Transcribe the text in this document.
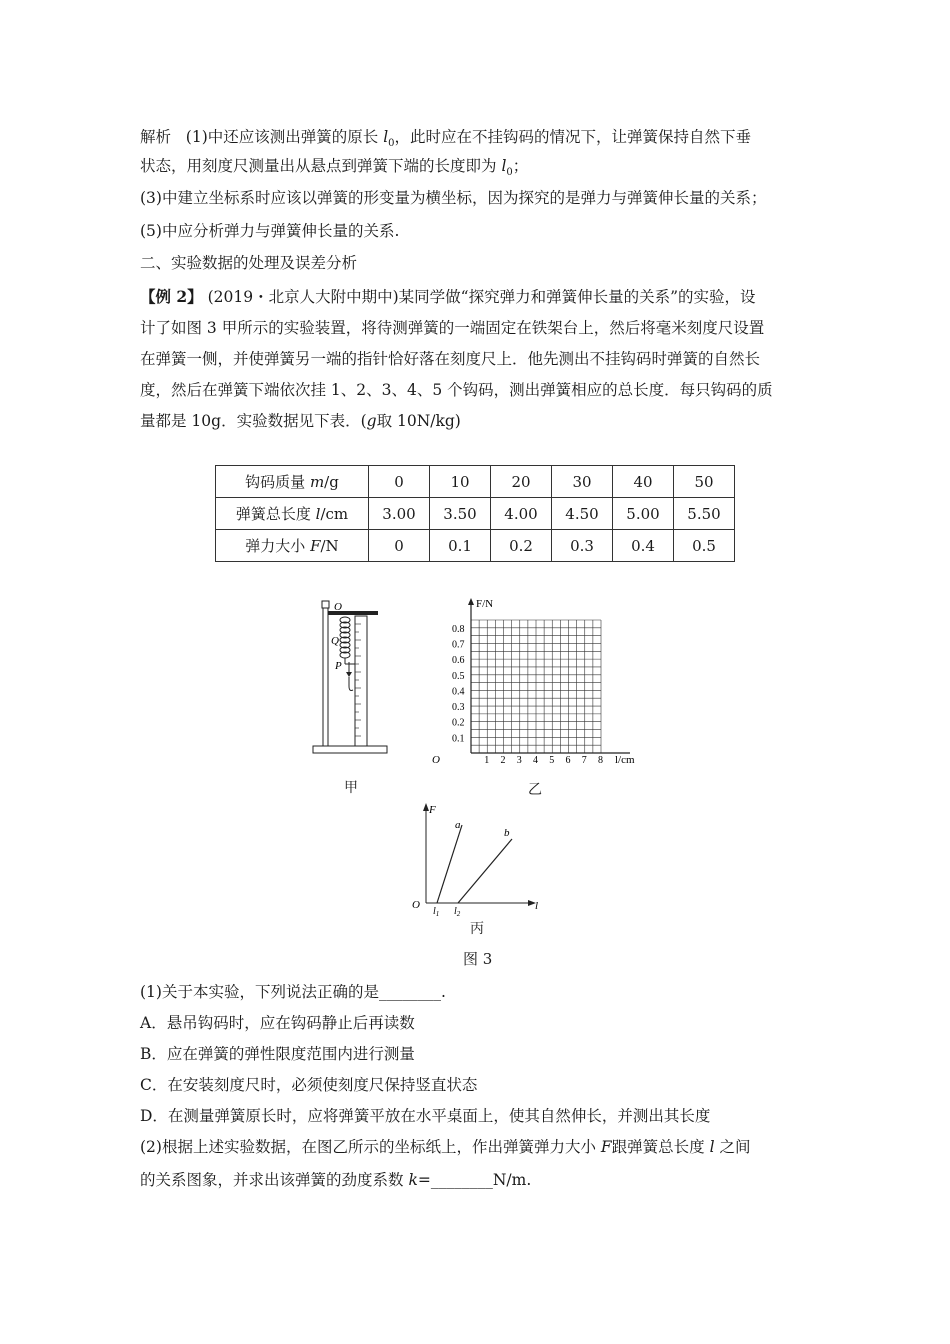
解析 (1)中还应该测出弹簧的原长 $l_0$，此时应在不挂钩码的情况下，让弹簧保持自然下垂
状态，用刻度尺测量出从悬点到弹簧下端的长度即为 $l_0$；
(3)中建立坐标系时应该以弹簧的形变量为横坐标，因为探究的是弹力与弹簧伸长量的关系；
(5)中应分析弹力与弹簧伸长量的关系.
二、实验数据的处理及误差分析
【例 2】 (2019・北京人大附中期中)某同学做“探究弹力和弹簧伸长量的关系”的实验，设
计了如图 3 甲所示的实验装置，将待测弹簧的一端固定在铁架台上，然后将毫米刻度尺设置
在弹簧一侧，并使弹簧另一端的指针恰好落在刻度尺上．他先测出不挂钩码时弹簧的自然长
度，然后在弹簧下端依次挂 1、2、3、4、5 个钩码，测出弹簧相应的总长度．每只钩码的质
量都是 10g．实验数据见下表．(g取 10N/kg)
钩码质量 m/g	0	10	20	30	40	50
弹簧总长度 l/cm	3.00	3.50	4.00	4.50	5.00	5.50
弹力大小 F/N	0	0.1	0.2	0.3	0.4	0.5
O
Q
P
甲
F/N
l/cm
O
0.1
0.2
0.3
0.4
0.5
0.6
0.7
0.8
1 2 3 4 5 6 7 8
乙
F
l
O
a
b
$l_1$ $l_2$
丙
图 3
(1)关于本实验，下列说法正确的是________.
A．悬吊钩码时，应在钩码静止后再读数
B．应在弹簧的弹性限度范围内进行测量
C．在安装刻度尺时，必须使刻度尺保持竖直状态
D．在测量弹簧原长时，应将弹簧平放在水平桌面上，使其自然伸长，并测出其长度
(2)根据上述实验数据，在图乙所示的坐标纸上，作出弹簧弹力大小 F跟弹簧总长度 l 之间
的关系图象，并求出该弹簧的劲度系数 k=________N/m.
